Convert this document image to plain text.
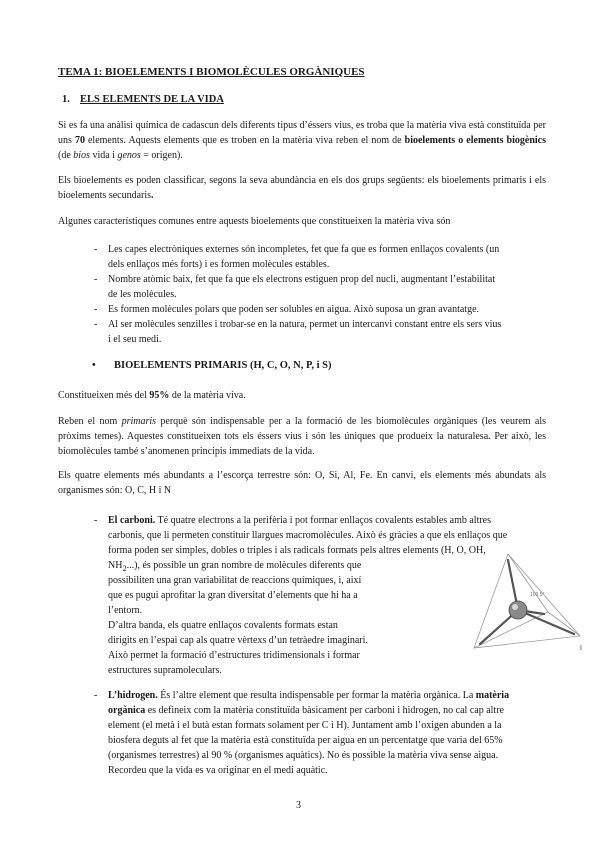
TEMA 1: BIOELEMENTS I BIOMOLÈCULES ORGÀNIQUES
1. ELS ELEMENTS DE LA VIDA

Si es fa una anàlisi química de cadascun dels diferents tipus d’éssers vius, es troba que la matèria viva està constituïda per uns 70 elements. Aquests elements que es troben en la matèria viva reben el nom de bioelements o elements biogènics (de bios vida i genos = origen).

Els bioelements es poden classificar, segons la seva abundància en els dos grups següents: els bioelements primaris i els bioelements secundaris.

Algunes característiques comunes entre aquests bioelements que constitueixen la matèria viva són

- Les capes electròniques externes són incompletes, fet que fa que es formen enllaços covalents (un
dels enllaços més forts) i es formen molècules estables.

- Nombre atòmic baix, fet que fa que els electrons estiguen prop del nucli, augmentant l’estabilitat
de les molècules.

- Es formen molècules polars que poden ser solubles en aigua. Això suposa un gran avantatge.

- Al ser molècules senzilles i trobar-se en la natura, permet un intercanvi constant entre els sers vius
i el seu medi.

• BIOELEMENTS PRIMARIS (H, C, O, N, P, i S)

Constitueixen més del 95% de la matèria viva.

Reben el nom primaris perquè són indispensable per a la formació de les biomolècules orgàniques (les veurem als pròxims temes). Aquestes constitueixen tots els éssers vius i són les úniques que produeix la naturalesa. Per això, les biomolècules també s’anomenen principis immediats de la vida.

Els quatre elements més abundants a l’escorça terrestre són: O, Si, Al, Fe. En canvi, els elements més abundats als organismes són: O, C, H i N

- El carboni. Té quatre electrons a la perifèria i pot formar enllaços covalents estables amb altres
carbonis, que li permeten constituir llargues macromolècules. Això és gràcies a que els enllaços que
forma poden ser simples, dobles o triples i als radicals formats pels altres elements (H, O, OH,
$NH_2$...), és possible un gran nombre de molècules diferents que

possibiliten una gran variabilitat de reaccions químiques, i, així
que es pugui aprofitar la gran diversitat d’elements que hi ha a
l’entorn.
D’altra banda, els quatre enllaços covalents formats estan
dirigits en l’espai cap als quatre vèrtexs d’un tetràedre imaginari.
Això permet la formació d’estructures tridimensionals i formar
estructures supramoleculars.

109,5°
l
- L’hidrogen. És l’altre element que resulta indispensable per formar la matèria orgànica. La matèria
orgànica es defineix com la matèria constituïda bàsicament per carboni i hidrogen, no cal cap altre
element (el metà i el butà estan formats solament per C i H). Juntament amb l’oxigen abunden a la
biosfera deguts al fet que la matèria està constituïda per aigua en un percentatge que varia del 65%
(organismes terrestres) al 90 % (organismes aquàtics). No és possible la matèria viva sense aigua.
Recordeu que la vida es va originar en el medi aquàtic.

3
